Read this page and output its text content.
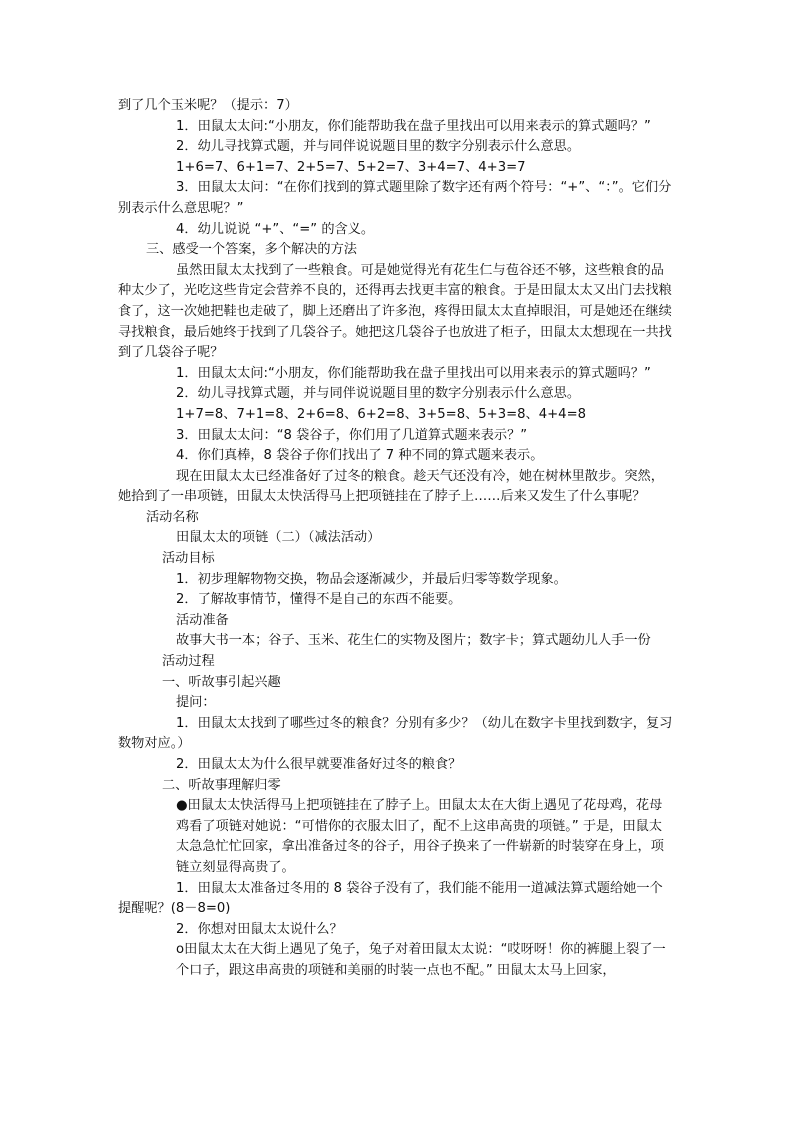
到了几个玉米呢？（提示：7）

1．田鼠太太问:“小朋友，你们能帮助我在盘子里找出可以用来表示的算式题吗？”

2．幼儿寻找算式题，并与同伴说说题目里的数字分别表示什么意思。

1+6=7、6+1=7、2+5=7、5+2=7、3+4=7、4+3=7

3．田鼠太太问：“在你们找到的算式题里除了数字还有两个符号：“+”、“：”。它们分别表示什么意思呢？”

4．幼儿说说 “+”、“=” 的含义。

三、感受一个答案，多个解决的方法

虽然田鼠太太找到了一些粮食。可是她觉得光有花生仁与苞谷还不够，这些粮食的品种太少了，光吃这些肯定会营养不良的，还得再去找更丰富的粮食。于是田鼠太太又出门去找粮食了，这一次她把鞋也走破了，脚上还磨出了许多泡，疼得田鼠太太直掉眼泪，可是她还在继续寻找粮食，最后她终于找到了几袋谷子。她把这几袋谷子也放进了柜子，田鼠太太想现在一共找到了几袋谷子呢？

1．田鼠太太问:“小朋友，你们能帮助我在盘子里找出可以用来表示的算式题吗？”

2．幼儿寻找算式题，并与同伴说说题目里的数字分别表示什么意思。

1+7=8、7+1=8、2+6=8、6+2=8、3+5=8、5+3=8、4+4=8

3．田鼠太太问：“8 袋谷子，你们用了几道算式题来表示？”

4．你们真棒，8 袋谷子你们找出了 7 种不同的算式题来表示。

现在田鼠太太已经准备好了过冬的粮食。趁天气还没有冷，她在树林里散步。突然，她拾到了一串项链，田鼠太太快活得马上把项链挂在了脖子上……后来又发生了什么事呢？

活动名称

田鼠太太的项链（二）（减法活动）

活动目标

1．初步理解物物交换，物品会逐渐减少，并最后归零等数学现象。

2．了解故事情节，懂得不是自己的东西不能要。

活动准备

故事大书一本；谷子、玉米、花生仁的实物及图片；数字卡；算式题幼儿人手一份

活动过程

一、听故事引起兴趣

提问：

1．田鼠太太找到了哪些过冬的粮食？分别有多少？（幼儿在数字卡里找到数字，复习数物对应。）

2．田鼠太太为什么很早就要准备好过冬的粮食？

二、听故事理解归零

●田鼠太太快活得马上把项链挂在了脖子上。田鼠太太在大街上遇见了花母鸡，花母鸡看了项链对她说：“可惜你的衣服太旧了，配不上这串高贵的项链。” 于是，田鼠太太急急忙忙回家，拿出准备过冬的谷子，用谷子换来了一件崭新的时装穿在身上，项链立刻显得高贵了。

1．田鼠太太准备过冬用的 8 袋谷子没有了，我们能不能用一道减法算式题给她一个提醒呢？(8－8=0)

2．你想对田鼠太太说什么？

o田鼠太太在大街上遇见了兔子，兔子对着田鼠太太说：“哎呀呀！你的裤腿上裂了一个口子，跟这串高贵的项链和美丽的时装一点也不配。” 田鼠太太马上回家，
